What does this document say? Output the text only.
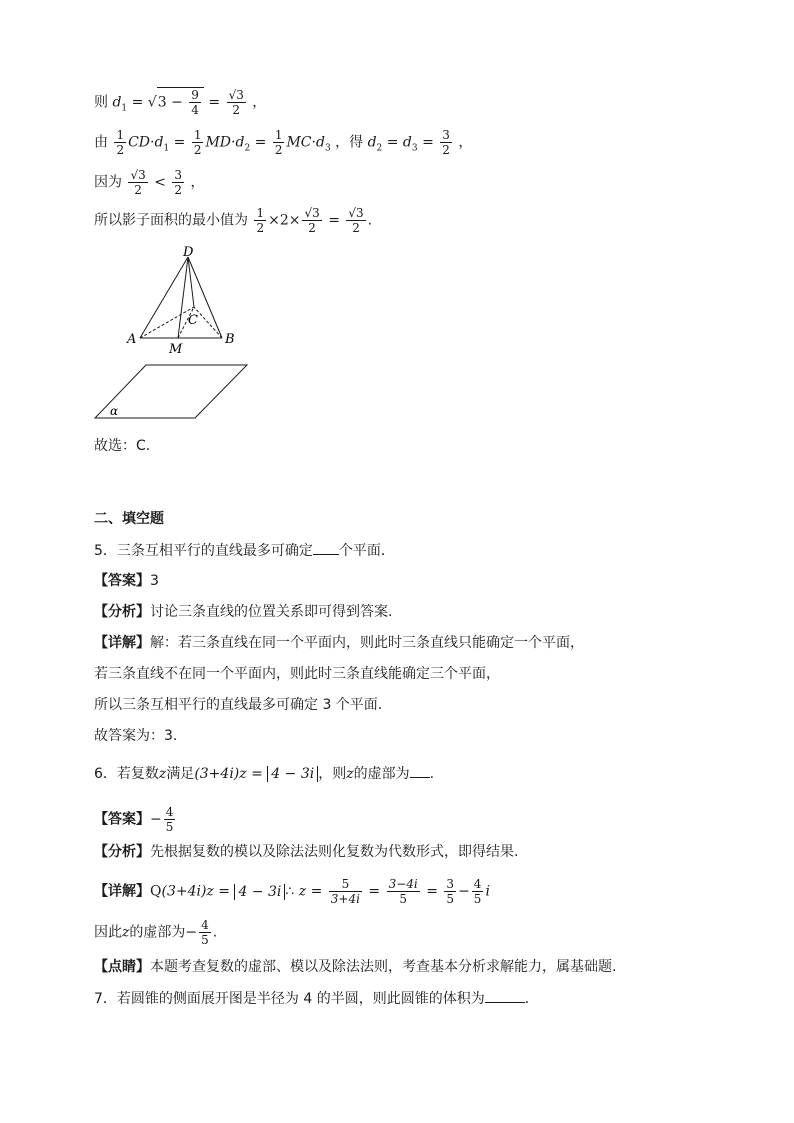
则 $d_1 = √3 - \frac{9}{4} = \frac{√3}{2}$ ，
由 $\frac{1}{2} CD\cdot d_1 = \frac{1}{2} MD\cdot d_2 = \frac{1}{2} MC\cdot d_3$ ，得 $d_2 = d_3 = \frac{3}{2}$ ，
因为 $\frac{√3}{2} < \frac{3}{2}$ ，
所以影子面积的最小值为 $\frac{1}{2} \times 2\times \frac{√3}{2} = \frac{√3}{2}$ .
D
A	B
C
M
α
故选：C.
二、填空题
5．三条互相平行的直线最多可确定 个平面．
【答案】3
【分析】讨论三条直线的位置关系即可得到答案.
【详解】解：若三条直线在同一个平面内，则此时三条直线只能确定一个平面，
若三条直线不在同一个平面内，则此时三条直线能确定三个平面，
所以三条互相平行的直线最多可确定 3 个平面.
故答案为：3.
6．若复数z满足(3+4i)z = 4 − 3i ，则z的虚部为 .
【答案】− $\frac{4}{5}$
【分析】先根据复数的模以及除法法则化复数为代数形式，即得结果.
【详解】Q(3+4i)z = 4 − 3i ∴ $z = \frac{5}{3+4i} = \frac{3-4i}{5} = \frac{3}{5} - \frac{4}{5}$ i
因此z的虚部为− $\frac{4}{5}$ .
【点睛】本题考查复数的虚部、模以及除法法则，考查基本分析求解能力，属基础题.
7．若圆锥的侧面展开图是半径为 4 的半圆，则此圆锥的体积为	．
